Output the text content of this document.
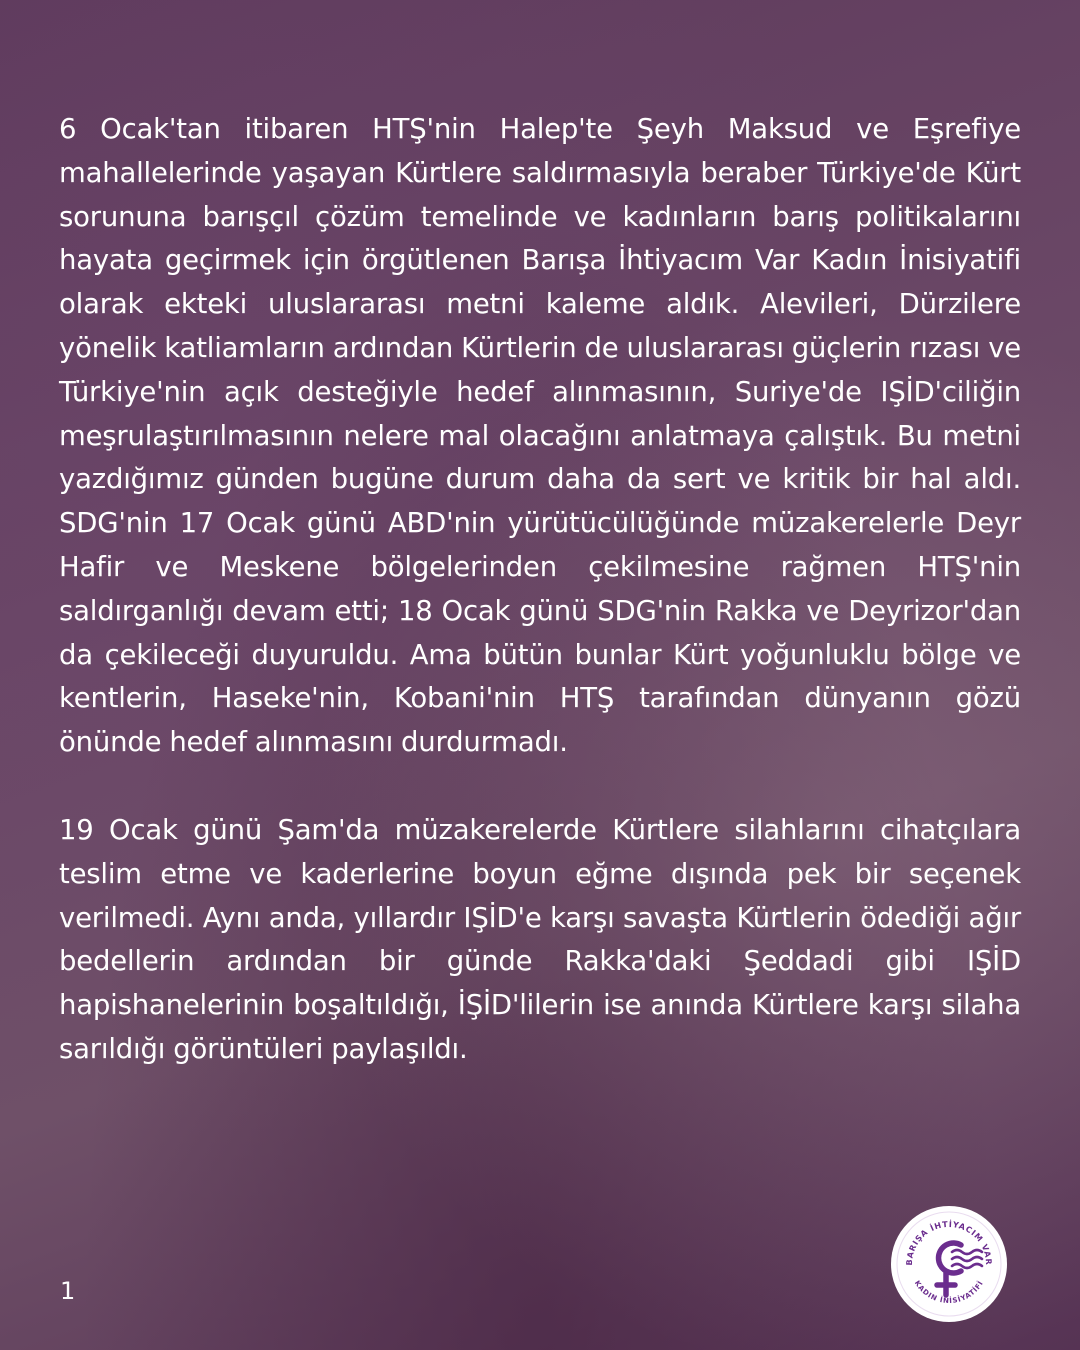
6 Ocak'tan itibaren HTŞ'nin Halep'te Şeyh Maksud ve Eşrefiye mahallelerinde yaşayan Kürtlere saldırmasıyla beraber Türkiye'de Kürt sorununa barışçıl çözüm temelinde ve kadınların barış politikalarını hayata geçirmek için örgütlenen Barışa İhtiyacım Var Kadın İnisiyatifi olarak ekteki uluslararası metni kaleme aldık. Alevileri, Dürzilere yönelik katliamların ardından Kürtlerin de uluslararası güçlerin rızası ve Türkiye'nin açık desteğiyle hedef alınmasının, Suriye'de IŞİD'ciliğin meşrulaştırılmasının nelere mal olacağını anlatmaya çalıştık. Bu metni yazdığımız günden bugüne durum daha da sert ve kritik bir hal aldı. SDG'nin 17 Ocak günü ABD'nin yürütücülüğünde müzakerelerle Deyr Hafir ve Meskene bölgelerinden çekilmesine rağmen HTŞ'nin saldırganlığı devam etti; 18 Ocak günü SDG'nin Rakka ve Deyrizor'dan da çekileceği duyuruldu. Ama bütün bunlar Kürt yoğunluklu bölge ve kentlerin, Haseke'nin, Kobani'nin HTŞ tarafından dünyanın gözü önünde hedef alınmasını durdurmadı.

19 Ocak günü Şam'da müzakerelerde Kürtlere silahlarını cihatçılara teslim etme ve kaderlerine boyun eğme dışında pek bir seçenek verilmedi. Aynı anda, yıllardır IŞİD'e karşı savaşta Kürtlerin ödediği ağır bedellerin ardından bir günde Rakka'daki Şeddadi gibi IŞİD hapishanelerinin boşaltıldığı, İŞİD'lilerin ise anında Kürtlere karşı silaha sarıldığı görüntüleri paylaşıldı.

1
BARIŞA İHTİYACIM VAR
KADIN İNİSİYATİFİ
